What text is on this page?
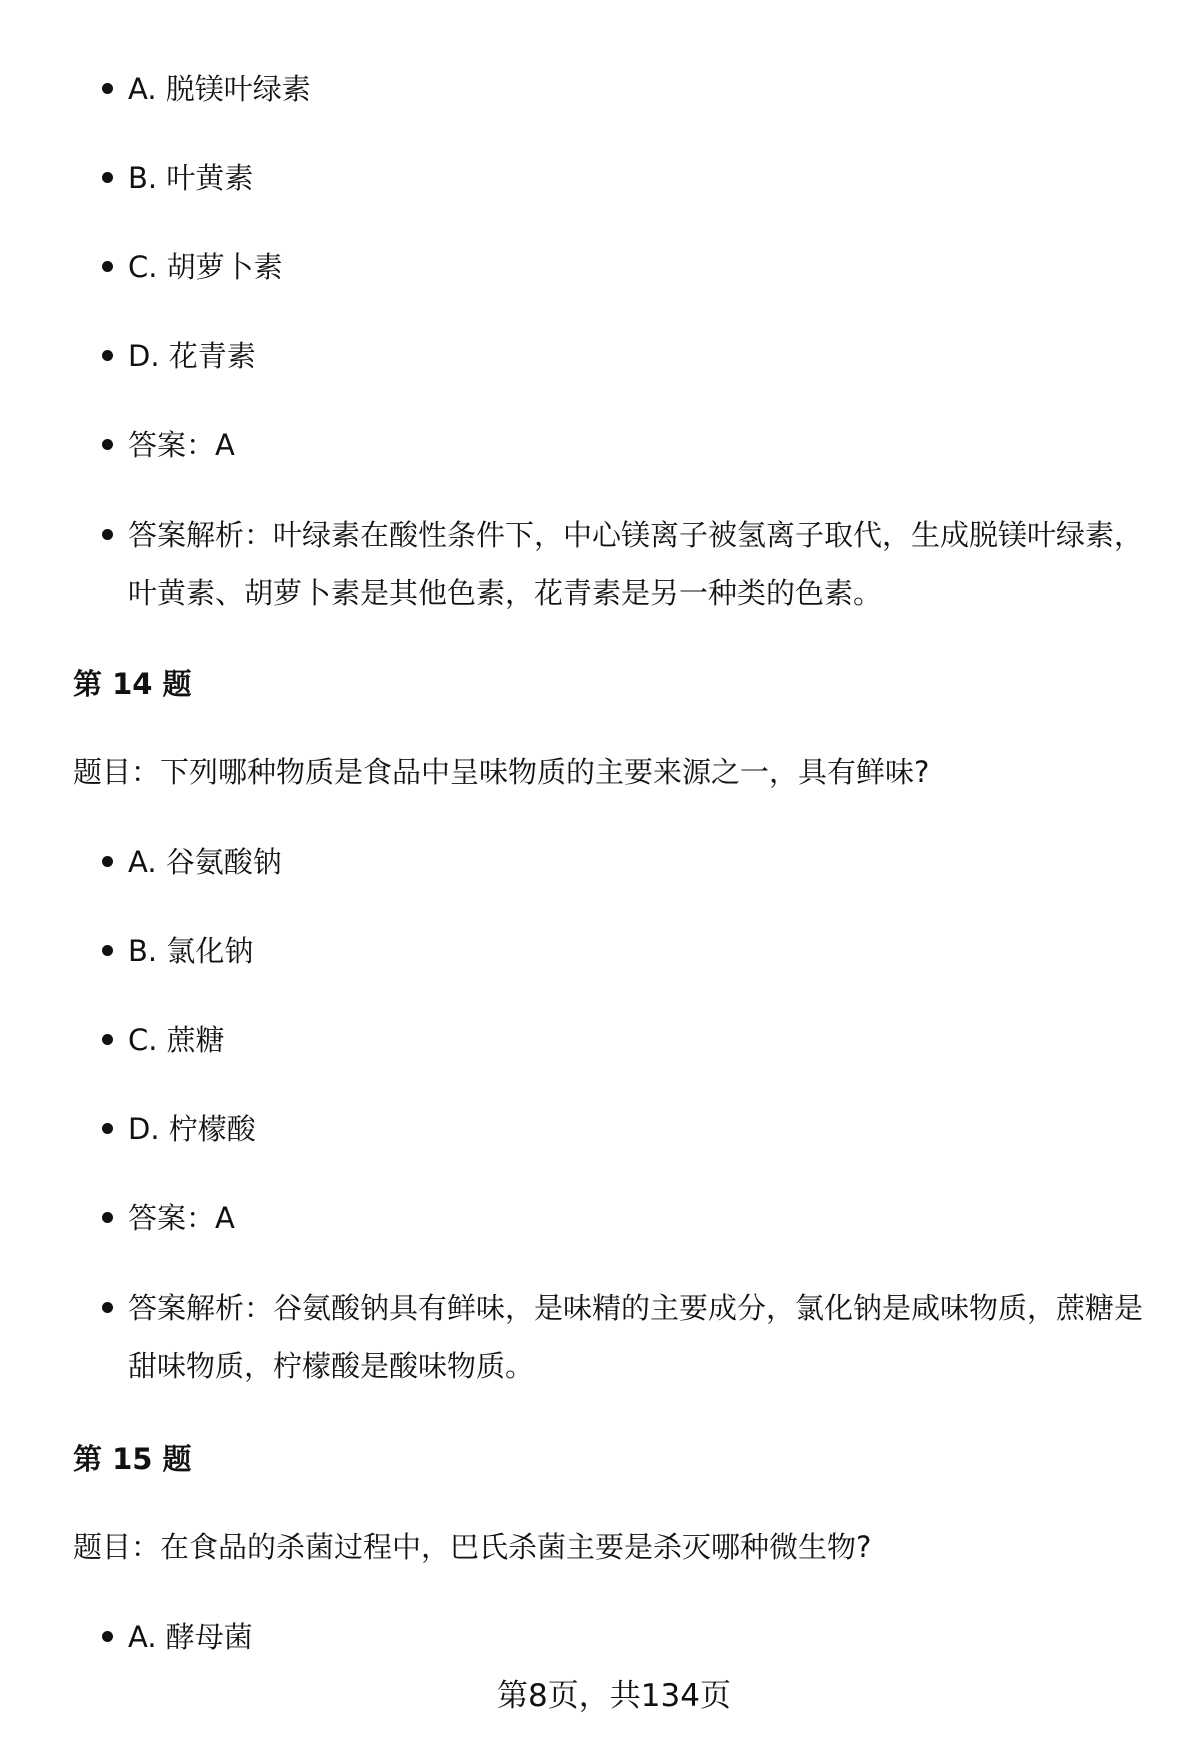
A. 脱镁叶绿素
B. 叶黄素
C. 胡萝卜素
D. 花青素
答案：A
答案解析：叶绿素在酸性条件下，中心镁离子被氢离子取代，生成脱镁叶绿素，叶黄素、胡萝卜素是其他色素，花青素是另一种类的色素。
第 14 题

题目：下列哪种物质是食品中呈味物质的主要来源之一，具有鲜味?

A. 谷氨酸钠
B. 氯化钠
C. 蔗糖
D. 柠檬酸
答案：A
答案解析：谷氨酸钠具有鲜味，是味精的主要成分，氯化钠是咸味物质，蔗糖是甜味物质，柠檬酸是酸味物质。
第 15 题

题目：在食品的杀菌过程中，巴氏杀菌主要是杀灭哪种微生物?

A. 酵母菌
第8页，共134页
